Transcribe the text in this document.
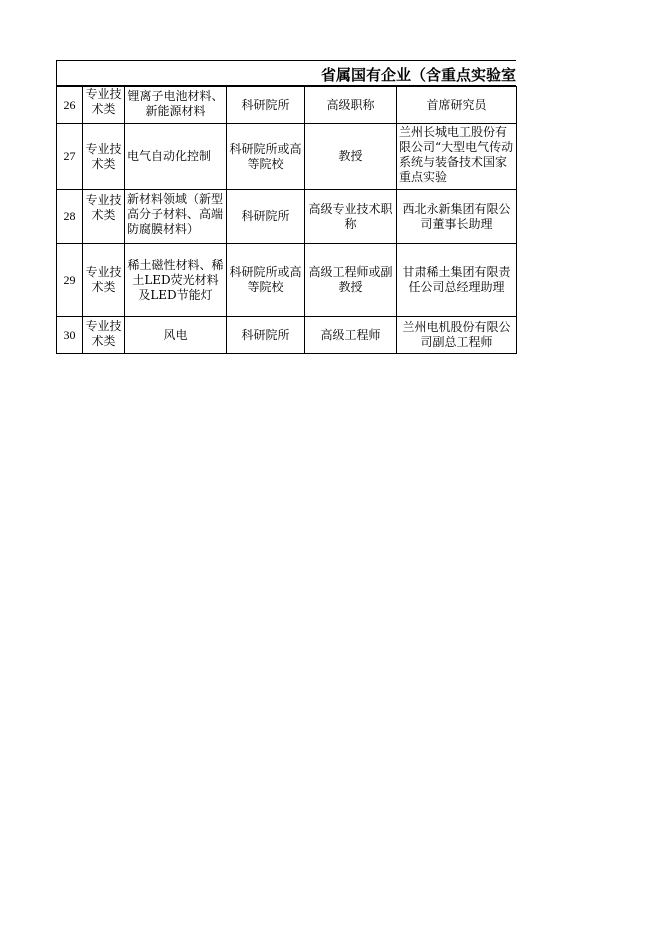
省属国有企业（含重点实验室
26	专业技术类	锂离子电池材料、新能源材料	科研院所	高级职称	首席研究员
27	专业技术类	电气自动化控制	科研院所或高等院校	教授	兰州长城电工股份有限公司“大型电气传动系统与装备技术国家重点实验

28	专业技术类	新材料领域（新型高分子材料、高端防腐膜材料）	科研院所	高级专业技术职称	西北永新集团有限公司董事长助理
29	专业技术类	稀土磁性材料、稀土LED荧光材料及LED节能灯	科研院所或高等院校	高级工程师或副教授	甘肃稀土集团有限责任公司总经理助理
30	专业技术类	风电	科研院所	高级工程师	兰州电机股份有限公司副总工程师
